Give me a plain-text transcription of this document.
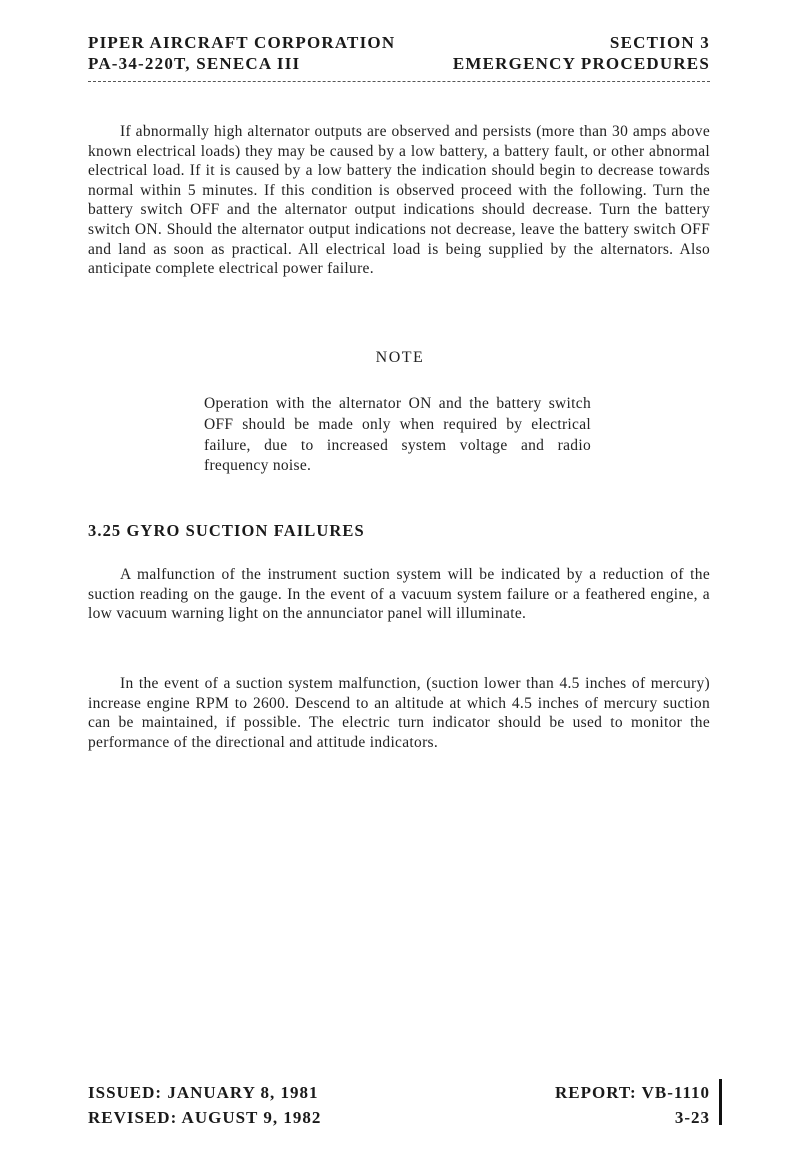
PIPER AIRCRAFT CORPORATION	SECTION 3
PA-34-220T, SENECA III	EMERGENCY PROCEDURES

If abnormally high alternator outputs are observed and persists (more than 30 amps above known electrical loads) they may be caused by a low battery, a battery fault, or other abnormal electrical load. If it is caused by a low battery the indication should begin to decrease towards normal within 5 minutes. If this condition is observed proceed with the following. Turn the battery switch OFF and the alternator output indications should decrease. Turn the battery switch ON. Should the alternator output indications not decrease, leave the battery switch OFF and land as soon as practical. All electrical load is being supplied by the alternators. Also anticipate complete electrical power failure.

NOTE

Operation with the alternator ON and the battery switch OFF should be made only when required by electrical failure, due to increased system voltage and radio frequency noise.

3.25 GYRO SUCTION FAILURES

A malfunction of the instrument suction system will be indicated by a reduction of the suction reading on the gauge. In the event of a vacuum system failure or a feathered engine, a low vacuum warning light on the annunciator panel will illuminate.

In the event of a suction system malfunction, (suction lower than 4.5 inches of mercury) increase engine RPM to 2600. Descend to an altitude at which 4.5 inches of mercury suction can be maintained, if possible. The electric turn indicator should be used to monitor the performance of the directional and attitude indicators.

ISSUED: JANUARY 8, 1981	REPORT: VB-1110
REVISED: AUGUST 9, 1982	3-23
